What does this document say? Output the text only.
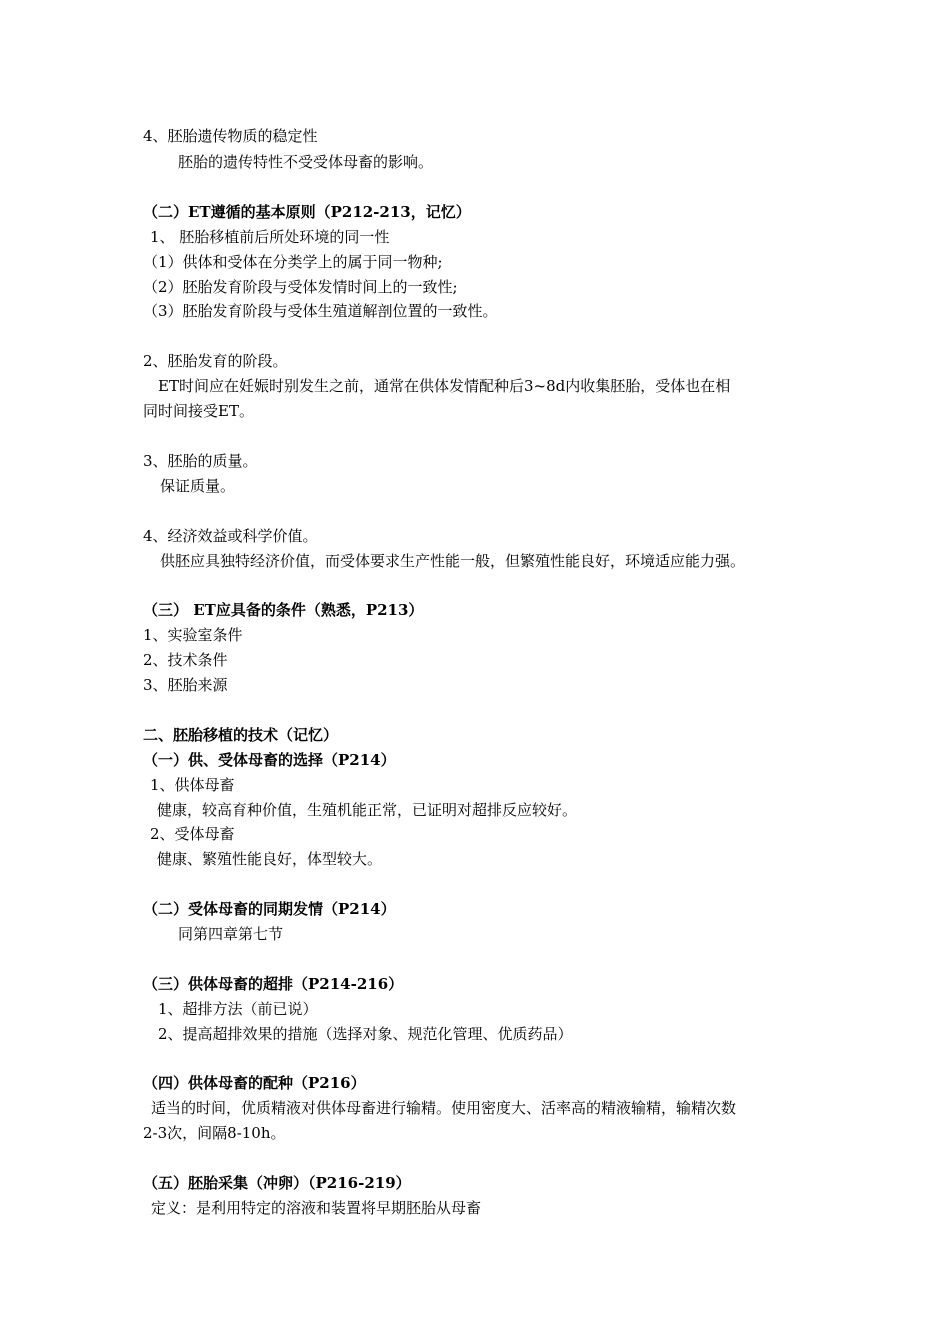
4、胚胎遗传物质的稳定性
胚胎的遗传特性不受受体母畜的影响。
（二）ET遵循的基本原则（P212-213，记忆）
1、 胚胎移植前后所处环境的同一性
（1）供体和受体在分类学上的属于同一物种;
（2）胚胎发育阶段与受体发情时间上的一致性;
（3）胚胎发育阶段与受体生殖道解剖位置的一致性。
2、胚胎发育的阶段。
ET时间应在妊娠时别发生之前，通常在供体发情配种后3~8d内收集胚胎，受体也在相
同时间接受ET。
3、胚胎的质量。
保证质量。
4、经济效益或科学价值。
供胚应具独特经济价值，而受体要求生产性能一般，但繁殖性能良好，环境适应能力强。
（三） ET应具备的条件（熟悉，P213）
1、实验室条件
2、技术条件
3、胚胎来源
二、胚胎移植的技术（记忆）
（一）供、受体母畜的选择（P214）
1、供体母畜
健康，较高育种价值，生殖机能正常，已证明对超排反应较好。
2、受体母畜
健康、繁殖性能良好，体型较大。
（二）受体母畜的同期发情（P214）
同第四章第七节
（三）供体母畜的超排（P214-216）
1、超排方法（前已说）
2、提高超排效果的措施（选择对象、规范化管理、优质药品）
（四）供体母畜的配种（P216）
适当的时间，优质精液对供体母畜进行输精。使用密度大、活率高的精液输精，输精次数
2-3次，间隔8-10h。
（五）胚胎采集（冲卵）（P216-219）
定义：是利用特定的溶液和装置将早期胚胎从母畜
